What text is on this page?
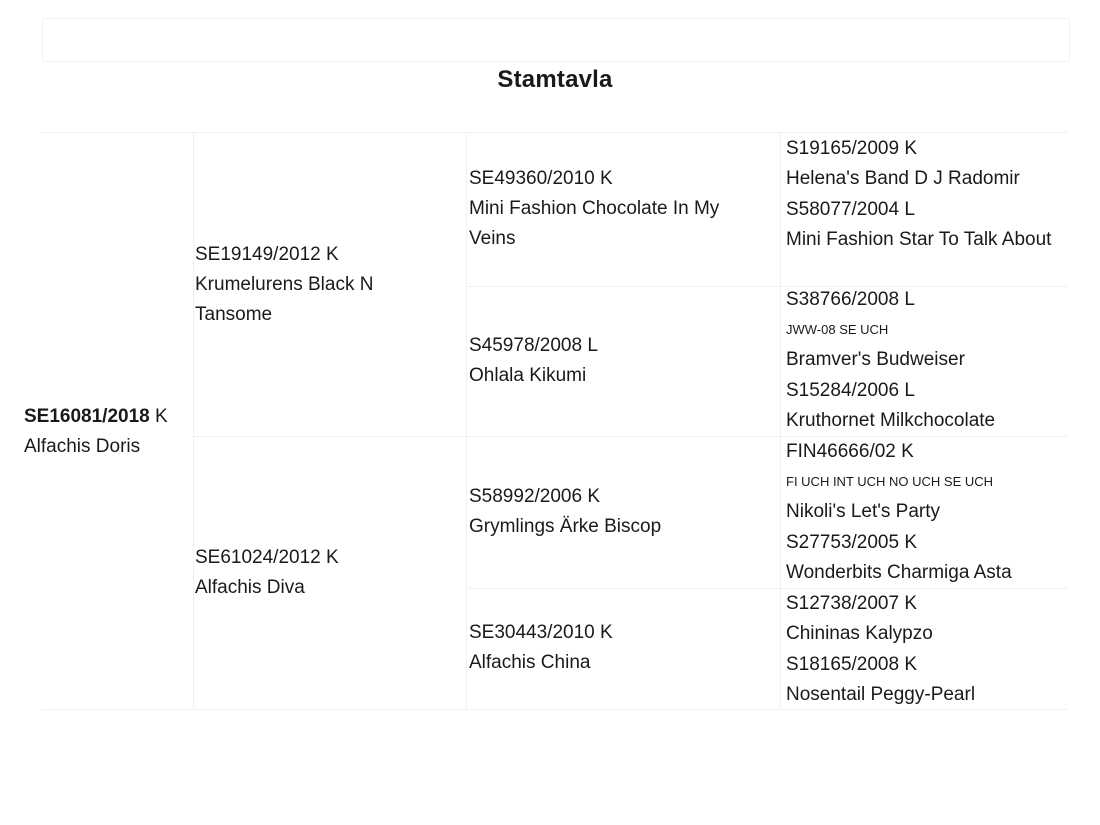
Stamtavla
SE16081/2018 K
Alfachis Doris
SE19149/2012 K
Krumelurens Black N Tansome
SE61024/2012 K
Alfachis Diva
SE49360/2010 K
Mini Fashion Chocolate In My Veins
S45978/2008 L
Ohlala Kikumi
S58992/2006 K
Grymlings Ärke Biscop
SE30443/2010 K
Alfachis China
S19165/2009 K
Helena's Band D J Radomir
S58077/2004 L
Mini Fashion Star To Talk About
S38766/2008 L
JWW-08 SE UCH
Bramver's Budweiser
S15284/2006 L
Kruthornet Milkchocolate
FIN46666/02 K
FI UCH INT UCH NO UCH SE UCH
Nikoli's Let's Party
S27753/2005 K
Wonderbits Charmiga Asta
S12738/2007 K
Chininas Kalypzo
S18165/2008 K
Nosentail Peggy-Pearl
